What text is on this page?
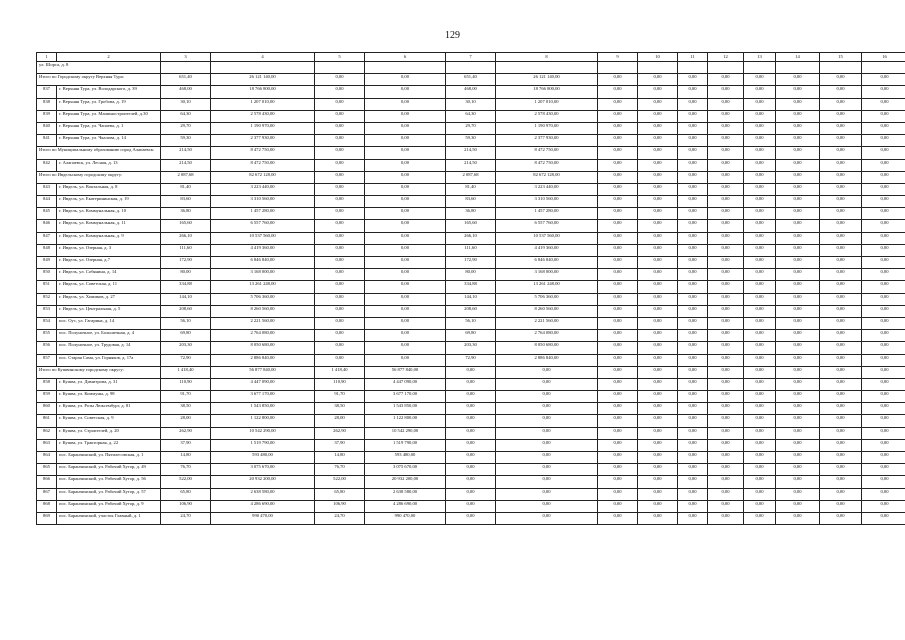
129
1	2	3	4	5	6	7	8	9	10	11	12	13	14	15	16
ул. Шорса, д. 8															
Итого по Городскому округу Верхняя Тура:		651,40	26 121 140,00	0,00	0,00	651,40	26 121 140,00	0,00	0,00	0,00	0,00	0,00	0,00	0,00	0,00
837	г. Верхняя Тура, ул. Володарского, д. 39	468,00	18 766 800,00	0,00	0,00	468,00	18 766 800,00	0,00	0,00	0,00	0,00	0,00	0,00	0,00	0,00
838	г. Верхняя Тура, ул. Гробова, д. 19	30,10	1 207 010,00	0,00	0,00	30,10	1 207 010,00	0,00	0,00	0,00	0,00	0,00	0,00	0,00	0,00
839	г. Верхняя Тура, ул. Машиностроителей, д.30	64,30	2 578 430,00	0,00	0,00	64,30	2 578 430,00	0,00	0,00	0,00	0,00	0,00	0,00	0,00	0,00
840	г. Верхняя Тура, ул. Чапаева, д. 1	29,70	1 190 970,00	0,00	0,00	29,70	1 190 970,00	0,00	0,00	0,00	0,00	0,00	0,00	0,00	0,00
841	г. Верхняя Тура, ул. Чкалова, д. 14	59,30	2 377 930,00	0,00	0,00	59,30	2 377 930,00	0,00	0,00	0,00	0,00	0,00	0,00	0,00	0,00
Итого по Муниципальному образованию город Алапаевск:		214,50	8 472 750,00	0,00	0,00	214,50	8 472 750,00	0,00	0,00	0,00	0,00	0,00	0,00	0,00	0,00
842	г. Алапаевск, ул. Лесная, д. 13	214,50	8 472 750,00	0,00	0,00	214,50	8 472 750,00	0,00	0,00	0,00	0,00	0,00	0,00	0,00	0,00
Итого по Ивдельскому городскому округу:		2 087,68	82 672 128,00	0,00	0,00	2 087,68	82 672 128,00	0,00	0,00	0,00	0,00	0,00	0,00	0,00	0,00
843	г. Ивдель, ул. Вокзальная, д. 8	81,40	3 223 440,00	0,00	0,00	81,40	3 223 440,00	0,00	0,00	0,00	0,00	0,00	0,00	0,00	0,00
844	г. Ивдель, ул. Екатерининская, д. 19	83,60	3 310 560,00	0,00	0,00	83,60	3 310 560,00	0,00	0,00	0,00	0,00	0,00	0,00	0,00	0,00
845	г. Ивдель, ул. Коммунальная, д. 10	36,80	1 457 280,00	0,00	0,00	36,80	1 457 280,00	0,00	0,00	0,00	0,00	0,00	0,00	0,00	0,00
846	г. Ивдель, ул. Коммунальная, д. 11	165,60	6 557 760,00	0,00	0,00	165,60	6 557 760,00	0,00	0,00	0,00	0,00	0,00	0,00	0,00	0,00
847	г. Ивдель, ул. Коммунальная, д. 9	266,10	10 537 560,00	0,00	0,00	266,10	10 537 560,00	0,00	0,00	0,00	0,00	0,00	0,00	0,00	0,00
848	г. Ивдель, ул. Озерная, д. 3	111,60	4 419 360,00	0,00	0,00	111,60	4 419 360,00	0,00	0,00	0,00	0,00	0,00	0,00	0,00	0,00
849	г. Ивдель, ул. Озерная, д.7	172,90	6 846 840,00	0,00	0,00	172,90	6 846 840,00	0,00	0,00	0,00	0,00	0,00	0,00	0,00	0,00
850	г. Ивдель, ул. Собянина, д. 14	80,00	3 168 000,00	0,00	0,00	80,00	3 168 000,00	0,00	0,00	0,00	0,00	0,00	0,00	0,00	0,00
851	г. Ивдель, ул. Советская, д. 11	334,88	13 261 248,00	0,00	0,00	334,88	13 261 248,00	0,00	0,00	0,00	0,00	0,00	0,00	0,00	0,00
852	г. Ивдель, ул. Химиков, д. 27	144,10	5 706 360,00	0,00	0,00	144,10	5 706 360,00	0,00	0,00	0,00	0,00	0,00	0,00	0,00	0,00
853	г. Ивдель, ул. Центральная, д. 5	208,60	8 260 560,00	0,00	0,00	208,60	8 260 560,00	0,00	0,00	0,00	0,00	0,00	0,00	0,00	0,00
854	пос. Оус, ул. Гагарина, д. 14	56,10	2 221 560,00	0,00	0,00	56,10	2 221 560,00	0,00	0,00	0,00	0,00	0,00	0,00	0,00	0,00
855	пос. Полуночное, ул. Большечная, д. 4	69,80	2 764 080,00	0,00	0,00	69,80	2 764 080,00	0,00	0,00	0,00	0,00	0,00	0,00	0,00	0,00
856	пос. Полуночное, ул. Трудовая, д. 14	203,30	8 050 680,00	0,00	0,00	203,30	8 050 680,00	0,00	0,00	0,00	0,00	0,00	0,00	0,00	0,00
857	пос. Старая Сама, ул. Горняков, д. 17а	72,90	2 886 840,00	0,00	0,00	72,90	2 886 840,00	0,00	0,00	0,00	0,00	0,00	0,00	0,00	0,00
Итого по Кушвинскому городскому округу:		1 418,40	56 877 840,00	1 418,40	56 877 840,00	0,00	0,00	0,00	0,00	0,00	0,00	0,00	0,00	0,00	0,00
858	г. Кушва, ул. Димитрова, д. 31	110,90	4 447 090,00	110,90	4 447 090,00	0,00	0,00	0,00	0,00	0,00	0,00	0,00	0,00	0,00	0,00
859	г. Кушва, ул. Коммуны, д. 98	91,70	3 677 170,00	91,70	3 677 170,00	0,00	0,00	0,00	0,00	0,00	0,00	0,00	0,00	0,00	0,00
860	г. Кушва, ул. Розы Люксембург, д. 81	38,50	1 543 850,00	38,50	1 543 850,00	0,00	0,00	0,00	0,00	0,00	0,00	0,00	0,00	0,00	0,00
861	г. Кушва, ул. Советская, д. 9	28,00	1 122 800,00	28,00	1 122 800,00	0,00	0,00	0,00	0,00	0,00	0,00	0,00	0,00	0,00	0,00
862	г. Кушва, ул. Строителей, д. 20	262,90	10 542 290,00	262,90	10 542 290,00	0,00	0,00	0,00	0,00	0,00	0,00	0,00	0,00	0,00	0,00
863	г. Кушва, ул. Тракторная, д. 22	37,90	1 519 790,00	37,90	1 519 790,00	0,00	0,00	0,00	0,00	0,00	0,00	0,00	0,00	0,00	0,00
864	пос. Баранчинский, ул. Пятилесовская, д. 1	14,80	593 480,00	14,80	593 480,00	0,00	0,00	0,00	0,00	0,00	0,00	0,00	0,00	0,00	0,00
865	пос. Баранчинский, ул. Рабочий Хутор, д. 49	76,70	3 075 670,00	76,70	3 075 670,00	0,00	0,00	0,00	0,00	0,00	0,00	0,00	0,00	0,00	0,00
866	пос. Баранчинский, ул. Рабочий Хутор, д. 56	522,00	20 932 200,00	522,00	20 932 200,00	0,00	0,00	0,00	0,00	0,00	0,00	0,00	0,00	0,00	0,00
867	пос. Баранчинский, ул. Рабочий Хутор, д. 57	65,80	2 638 580,00	65,80	2 638 580,00	0,00	0,00	0,00	0,00	0,00	0,00	0,00	0,00	0,00	0,00
868	пос. Баранчинский, ул. Рабочий Хутор, д. 9	106,90	4 286 690,00	106,90	4 286 690,00	0,00	0,00	0,00	0,00	0,00	0,00	0,00	0,00	0,00	0,00
869	пос. Баранчинский, участок Главный, д. 1	24,70	990 470,00	24,70	990 470,00	0,00	0,00	0,00	0,00	0,00	0,00	0,00	0,00	0,00	0,00
